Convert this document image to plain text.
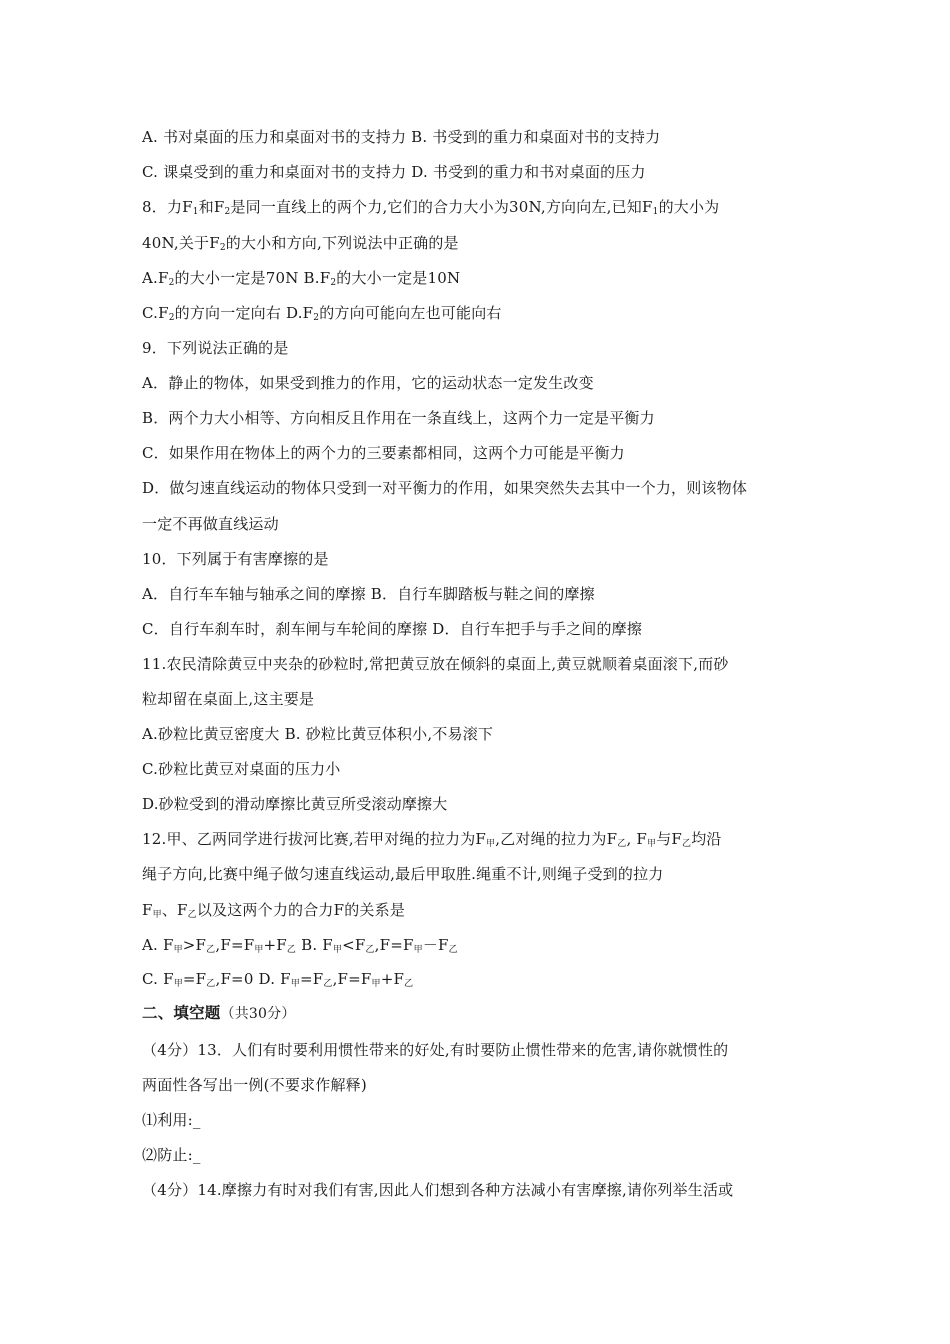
A. 书对桌面的压力和桌面对书的支持力 B. 书受到的重力和桌面对书的支持力
C. 课桌受到的重力和桌面对书的支持力 D. 书受到的重力和书对桌面的压力
8．力$F_1$和$F_2$是同一直线上的两个力,它们的合力大小为30N,方向向左,已知$F_1$的大小为
40N,关于$F_2$的大小和方向,下列说法中正确的是
$A.F_2$的大小一定是70N $B.F_2$的大小一定是10N
$C.F_2$的方向一定向右 $D.F_2$的方向可能向左也可能向右
9．下列说法正确的是
A．静止的物体，如果受到推力的作用，它的运动状态一定发生改变
B．两个力大小相等、方向相反且作用在一条直线上，这两个力一定是平衡力
C．如果作用在物体上的两个力的三要素都相同，这两个力可能是平衡力
D．做匀速直线运动的物体只受到一对平衡力的作用，如果突然失去其中一个力，则该物体
一定不再做直线运动
10．下列属于有害摩擦的是
A．自行车车轴与轴承之间的摩擦 B．自行车脚踏板与鞋之间的摩擦
C．自行车刹车时，刹车闸与车轮间的摩擦 D．自行车把手与手之间的摩擦
11.农民清除黄豆中夹杂的砂粒时,常把黄豆放在倾斜的桌面上,黄豆就顺着桌面滚下,而砂
粒却留在桌面上,这主要是
A.砂粒比黄豆密度大 B. 砂粒比黄豆体积小,不易滚下
C.砂粒比黄豆对桌面的压力小
D.砂粒受到的滑动摩擦比黄豆所受滚动摩擦大
12.甲、乙两同学进行拔河比赛,若甲对绳的拉力为$F_甲$,乙对绳的拉力为$F_乙$, $F_甲$与$F_乙$均沿
绳子方向,比赛中绳子做匀速直线运动,最后甲取胜.绳重不计,则绳子受到的拉力
$F_甲$、$F_乙$以及这两个力的合力F的关系是
A. $F_甲>F_乙,F=F_甲+F_乙$ B. $F_甲<F_乙,F=F_甲-F_乙$
C. $F_甲=F_乙,F=0$ D. $F_甲=F_乙,F=F_甲+F_乙$
二、填空题（共30分）
（4分）13．人们有时要利用惯性带来的好处,有时要防止惯性带来的危害,请你就惯性的
两面性各写出一例(不要求作解释)
⑴利用:_
⑵防止:_
（4分）14.摩擦力有时对我们有害,因此人们想到各种方法减小有害摩擦,请你列举生活或
